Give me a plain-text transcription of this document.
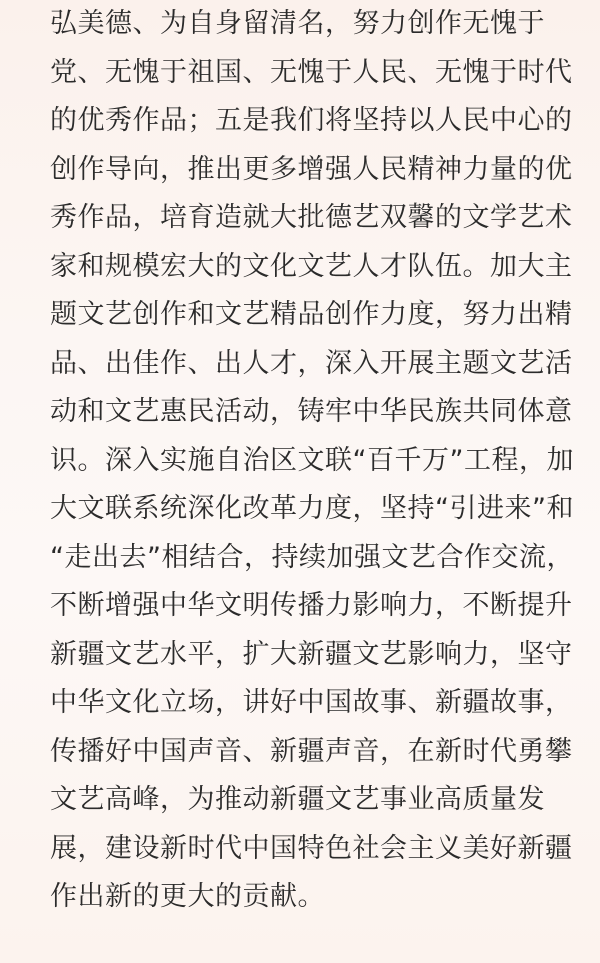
弘美德、为自身留清名，努力创作无愧于
党、无愧于祖国、无愧于人民、无愧于时代
的优秀作品；五是我们将坚持以人民中心的
创作导向，推出更多增强人民精神力量的优
秀作品，培育造就大批德艺双馨的文学艺术
家和规模宏大的文化文艺人才队伍。加大主
题文艺创作和文艺精品创作力度，努力出精
品、出佳作、出人才，深入开展主题文艺活
动和文艺惠民活动，铸牢中华民族共同体意
识。深入实施自治区文联“百千万”工程，加
大文联系统深化改革力度，坚持“引进来”和
“走出去”相结合，持续加强文艺合作交流，
不断增强中华文明传播力影响力，不断提升
新疆文艺水平，扩大新疆文艺影响力，坚守
中华文化立场，讲好中国故事、新疆故事，
传播好中国声音、新疆声音，在新时代勇攀
文艺高峰，为推动新疆文艺事业高质量发
展，建设新时代中国特色社会主义美好新疆
作出新的更大的贡献。
